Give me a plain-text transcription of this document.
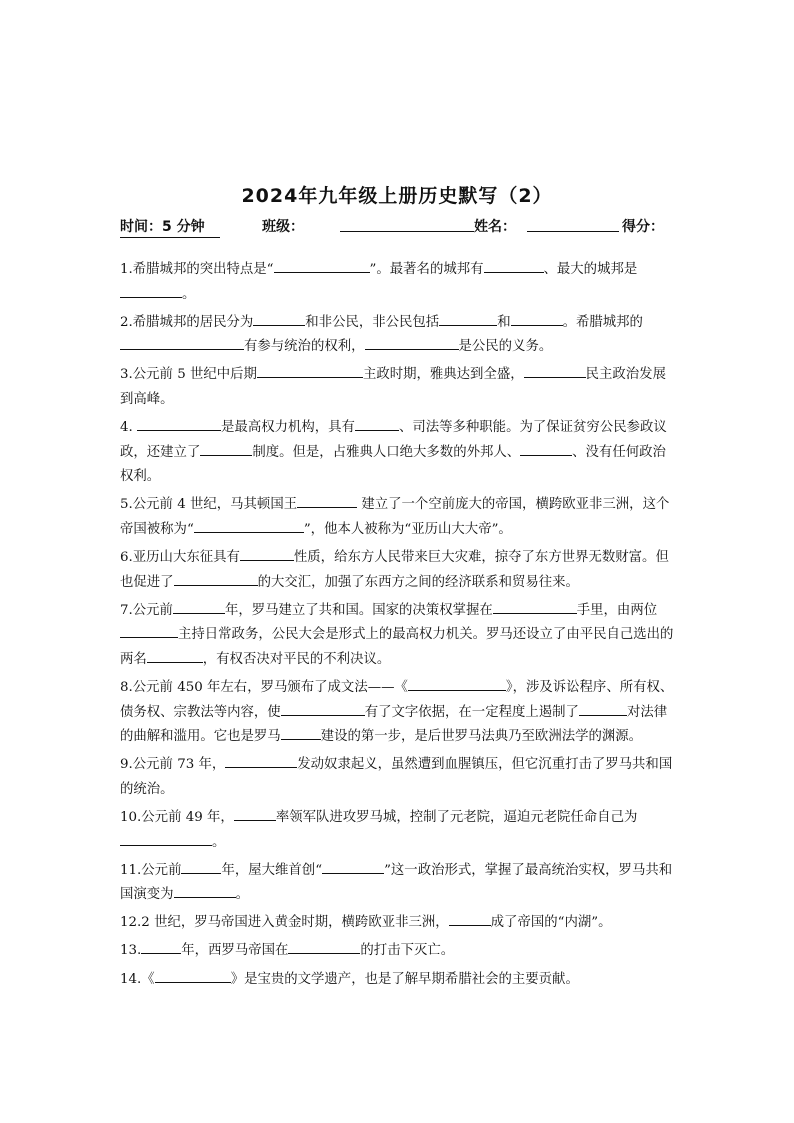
2024年九年级上册历史默写（2）
时间：5 分钟	班级：	姓名：	得分：
1.希腊城邦的突出特点是“	”。最著名的城邦有	、最大的城邦是。
2.希腊城邦的居民分为	和非公民，非公民包括	和	。希腊城邦的有参与统治的权利，	是公民的义务。
3.公元前 5 世纪中后期	主政时期，雅典达到全盛，	民主政治发展到高峰。
4.	是最高权力机构，具有	、司法等多种职能。为了保证贫穷公民参政议政，还建立了	制度。但是，占雅典人口绝大多数的外邦人、	、没有任何政治权利。
5.公元前 4 世纪，马其顿国王	建立了一个空前庞大的帝国，横跨欧亚非三洲，这个帝国被称为“	”，他本人被称为“亚历山大大帝”。
6.亚历山大东征具有	性质，给东方人民带来巨大灾难，掠夺了东方世界无数财富。但也促进了	的大交汇，加强了东西方之间的经济联系和贸易往来。
7.公元前	年，罗马建立了共和国。国家的决策权掌握在	手里，由两位主持日常政务，公民大会是形式上的最高权力机关。罗马还设立了由平民自己选出的两名	，有权否决对平民的不利决议。
8.公元前 450 年左右，罗马颁布了成文法——《	》，涉及诉讼程序、所有权、债务权、宗教法等内容，使	有了文字依据，在一定程度上遏制了	对法律的曲解和滥用。它也是罗马	建设的第一步，是后世罗马法典乃至欧洲法学的渊源。
9.公元前 73 年，	发动奴隶起义，虽然遭到血腥镇压，但它沉重打击了罗马共和国的统治。
10.公元前 49 年，	率领军队进攻罗马城，控制了元老院，逼迫元老院任命自己为。
11.公元前	年，屋大维首创“	”这一政治形式，掌握了最高统治实权，罗马共和国演变为	。
12.2 世纪，罗马帝国进入黄金时期，横跨欧亚非三洲，	成了帝国的“内湖”。
13.	年，西罗马帝国在	的打击下灭亡。
14.《	》是宝贵的文学遗产，也是了解早期希腊社会的主要贡献。
